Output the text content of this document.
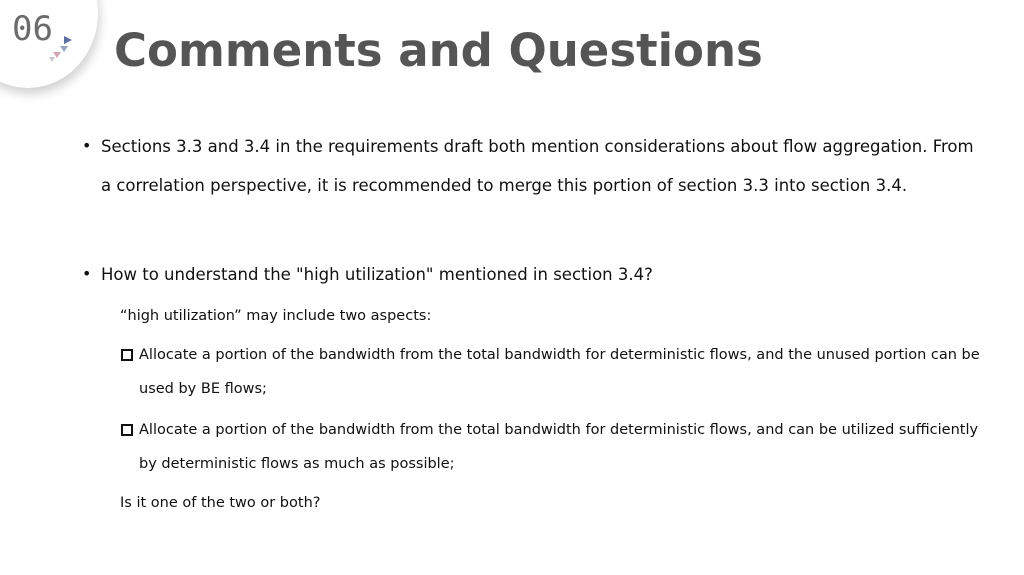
06 Comments and Questions
• Sections 3.3 and 3.4 in the requirements draft both mention considerations about flow aggregation. From a correlation perspective, it is recommended to merge this portion of section 3.3 into section 3.4.
• How to understand the "high utilization" mentioned in section 3.4?
“high utilization” may include two aspects:
Allocate a portion of the bandwidth from the total bandwidth for deterministic flows, and the unused portion can be used by BE flows;
Allocate a portion of the bandwidth from the total bandwidth for deterministic flows, and can be utilized sufficiently by deterministic flows as much as possible;
Is it one of the two or both?
